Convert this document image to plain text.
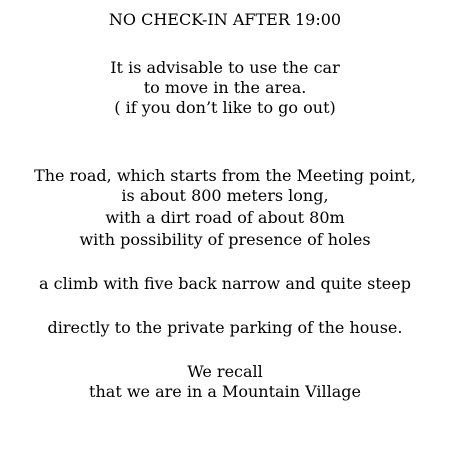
NO CHECK-IN AFTER 19:00
It is advisable to use the car
to move in the area.
( if you don’t like to go out)
The road, which starts from the Meeting point,
is about 800 meters long,
with a dirt road of about 80m
with possibility of presence of holes
a climb with five back narrow and quite steep
directly to the private parking of the house.
We recall
that we are in a Mountain Village
